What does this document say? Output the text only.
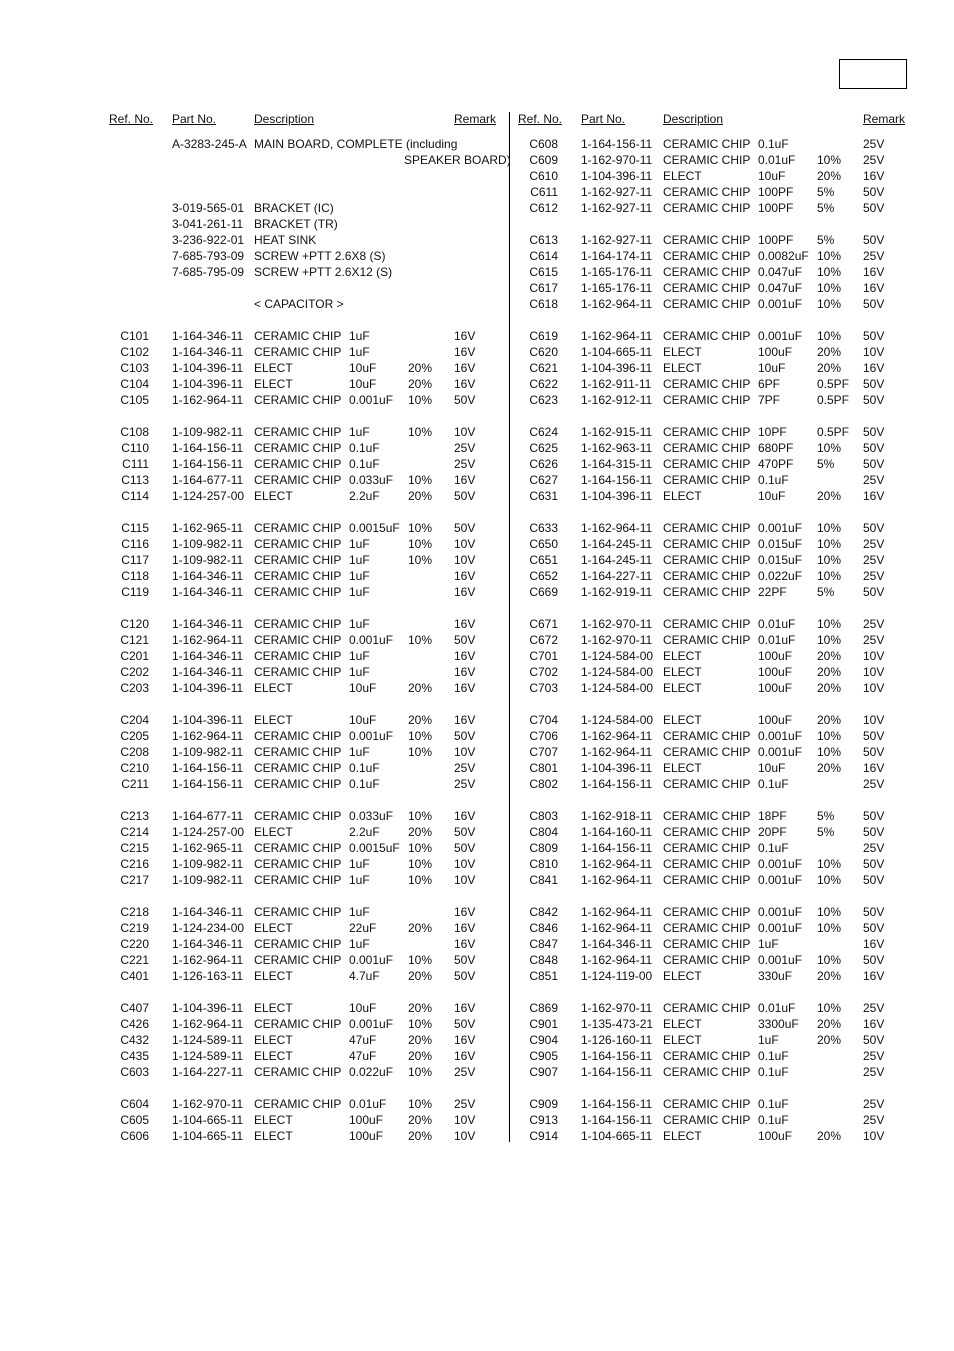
Ref. No. Part No.	Description	Remark Ref. No. Part No.	Description	Remark
A-3283-245-A MAIN BOARD, COMPLETE (including
SPEAKER BOARD)
3-019-565-01 BRACKET (IC)
3-041-261-11 BRACKET (TR)
3-236-922-01 HEAT SINK
7-685-793-09 SCREW +PTT 2.6X8 (S)
7-685-795-09 SCREW +PTT 2.6X12 (S)
< CAPACITOR >
C101 1-164-346-11 CERAMIC CHIP 1uF	16V
C102 1-164-346-11 CERAMIC CHIP 1uF	16V
C103 1-104-396-11 ELECT	10uF	20% 16V
C104 1-104-396-11 ELECT	10uF	20% 16V
C105 1-162-964-11 CERAMIC CHIP 0.001uF 10% 50V
C108 1-109-982-11 CERAMIC CHIP 1uF	10% 10V
C110 1-164-156-11 CERAMIC CHIP 0.1uF	25V
C111 1-164-156-11 CERAMIC CHIP 0.1uF	25V
C113 1-164-677-11 CERAMIC CHIP 0.033uF 10% 16V
C114 1-124-257-00 ELECT	2.2uF 20% 50V
C115 1-162-965-11 CERAMIC CHIP 0.0015uF 10% 50V
C116 1-109-982-11 CERAMIC CHIP 1uF	10% 10V
C117 1-109-982-11 CERAMIC CHIP 1uF	10% 10V
C118 1-164-346-11 CERAMIC CHIP 1uF	16V
C119 1-164-346-11 CERAMIC CHIP 1uF	16V
C120 1-164-346-11 CERAMIC CHIP 1uF	16V
C121 1-162-964-11 CERAMIC CHIP 0.001uF 10% 50V
C201 1-164-346-11 CERAMIC CHIP 1uF	16V
C202 1-164-346-11 CERAMIC CHIP 1uF	16V
C203 1-104-396-11 ELECT	10uF	20% 16V
C204 1-104-396-11 ELECT	10uF	20% 16V
C205 1-162-964-11 CERAMIC CHIP 0.001uF 10% 50V
C208 1-109-982-11 CERAMIC CHIP 1uF	10% 10V
C210 1-164-156-11 CERAMIC CHIP 0.1uF	25V
C211 1-164-156-11 CERAMIC CHIP 0.1uF	25V
C213 1-164-677-11 CERAMIC CHIP 0.033uF 10% 16V
C214 1-124-257-00 ELECT	2.2uF 20% 50V
C215 1-162-965-11 CERAMIC CHIP 0.0015uF 10% 50V
C216 1-109-982-11 CERAMIC CHIP 1uF	10% 10V
C217 1-109-982-11 CERAMIC CHIP 1uF	10% 10V
C218 1-164-346-11 CERAMIC CHIP 1uF	16V
C219 1-124-234-00 ELECT	22uF	20% 16V
C220 1-164-346-11 CERAMIC CHIP 1uF	16V
C221 1-162-964-11 CERAMIC CHIP 0.001uF 10% 50V
C401 1-126-163-11 ELECT	4.7uF 20% 50V
C407 1-104-396-11 ELECT	10uF	20% 16V
C426 1-162-964-11 CERAMIC CHIP 0.001uF 10% 50V
C432 1-124-589-11 ELECT	47uF	20% 16V
C435 1-124-589-11 ELECT	47uF	20% 16V
C603 1-164-227-11 CERAMIC CHIP 0.022uF 10% 25V
C604 1-162-970-11 CERAMIC CHIP 0.01uF 10% 25V
C605 1-104-665-11 ELECT	100uF 20% 10V
C606 1-104-665-11 ELECT	100uF 20% 10V
C608 1-164-156-11 CERAMIC CHIP 0.1uF	25V
C609 1-162-970-11 CERAMIC CHIP 0.01uF 10% 25V
C610 1-104-396-11 ELECT	10uF	20% 16V
C611 1-162-927-11 CERAMIC CHIP 100PF 5% 50V
C612 1-162-927-11 CERAMIC CHIP 100PF 5% 50V
C613 1-162-927-11 CERAMIC CHIP 100PF 5% 50V
C614 1-164-174-11 CERAMIC CHIP 0.0082uF 10% 25V
C615 1-165-176-11 CERAMIC CHIP 0.047uF 10% 16V
C617 1-165-176-11 CERAMIC CHIP 0.047uF 10% 16V
C618 1-162-964-11 CERAMIC CHIP 0.001uF 10% 50V
C619 1-162-964-11 CERAMIC CHIP 0.001uF 10% 50V
C620 1-104-665-11 ELECT	100uF 20% 10V
C621 1-104-396-11 ELECT	10uF	20% 16V
C622 1-162-911-11 CERAMIC CHIP 6PF	0.5PF 50V
C623 1-162-912-11 CERAMIC CHIP 7PF	0.5PF 50V
C624 1-162-915-11 CERAMIC CHIP 10PF	0.5PF 50V
C625 1-162-963-11 CERAMIC CHIP 680PF 10% 50V
C626 1-164-315-11 CERAMIC CHIP 470PF 5% 50V
C627 1-164-156-11 CERAMIC CHIP 0.1uF	25V
C631 1-104-396-11 ELECT	10uF	20% 16V
C633 1-162-964-11 CERAMIC CHIP 0.001uF 10% 50V
C650 1-164-245-11 CERAMIC CHIP 0.015uF 10% 25V
C651 1-164-245-11 CERAMIC CHIP 0.015uF 10% 25V
C652 1-164-227-11 CERAMIC CHIP 0.022uF 10% 25V
C669 1-162-919-11 CERAMIC CHIP 22PF	5% 50V
C671 1-162-970-11 CERAMIC CHIP 0.01uF 10% 25V
C672 1-162-970-11 CERAMIC CHIP 0.01uF 10% 25V
C701 1-124-584-00 ELECT	100uF 20% 10V
C702 1-124-584-00 ELECT	100uF 20% 10V
C703 1-124-584-00 ELECT	100uF 20% 10V
C704 1-124-584-00 ELECT	100uF 20% 10V
C706 1-162-964-11 CERAMIC CHIP 0.001uF 10% 50V
C707 1-162-964-11 CERAMIC CHIP 0.001uF 10% 50V
C801 1-104-396-11 ELECT	10uF	20% 16V
C802 1-164-156-11 CERAMIC CHIP 0.1uF	25V
C803 1-162-918-11 CERAMIC CHIP 18PF	5% 50V
C804 1-164-160-11 CERAMIC CHIP 20PF	5% 50V
C809 1-164-156-11 CERAMIC CHIP 0.1uF	25V
C810 1-162-964-11 CERAMIC CHIP 0.001uF 10% 50V
C841 1-162-964-11 CERAMIC CHIP 0.001uF 10% 50V
C842 1-162-964-11 CERAMIC CHIP 0.001uF 10% 50V
C846 1-162-964-11 CERAMIC CHIP 0.001uF 10% 50V
C847 1-164-346-11 CERAMIC CHIP 1uF	16V
C848 1-162-964-11 CERAMIC CHIP 0.001uF 10% 50V
C851 1-124-119-00 ELECT	330uF 20% 16V
C869 1-162-970-11 CERAMIC CHIP 0.01uF 10% 25V
C901 1-135-473-21 ELECT	3300uF 20% 16V
C904 1-126-160-11 ELECT	1uF	20% 50V
C905 1-164-156-11 CERAMIC CHIP 0.1uF	25V
C907 1-164-156-11 CERAMIC CHIP 0.1uF	25V
C909 1-164-156-11 CERAMIC CHIP 0.1uF	25V
C913 1-164-156-11 CERAMIC CHIP 0.1uF	25V
C914 1-104-665-11 ELECT	100uF 20% 10V
